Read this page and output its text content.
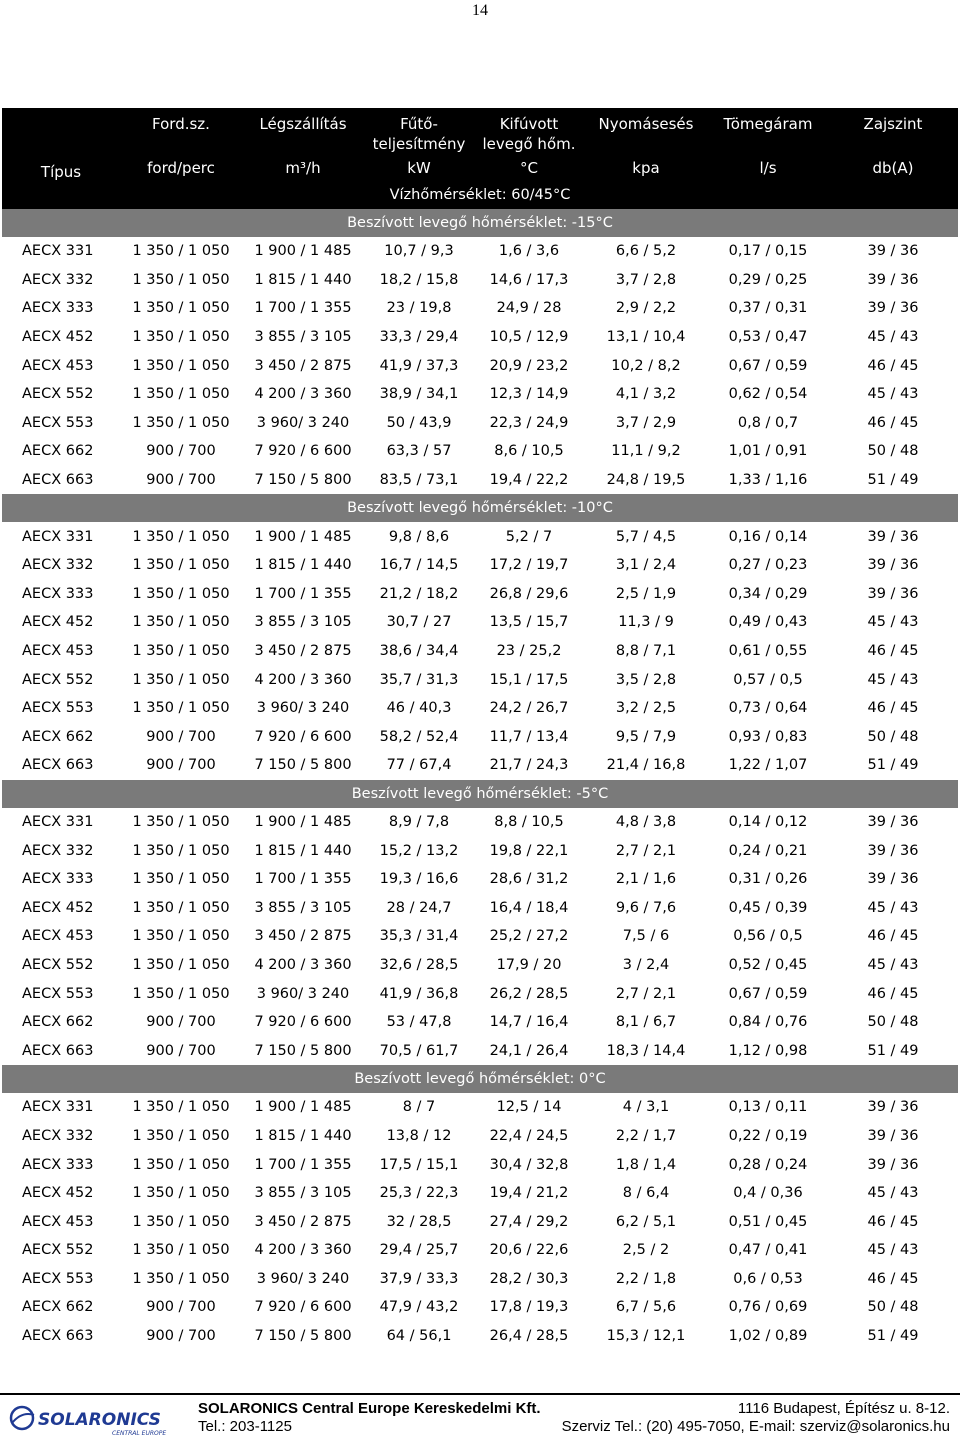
14
Típus	Ford.sz.	Légszállítás	Fűtő-	Kifúvott	Nyomásesés	Tömegáram	Zajszint
			teljesítmény	levegő hőm.			
	ford/perc	m³/h	kW	°C	kpa	l/s	db(A)
Vízhőmérséklet: 60/45°C							
Beszívott levegő hőmérséklet: -15°C							
AECX 331	1 350 / 1 050	1 900 / 1 485	10,7 / 9,3	1,6 / 3,6	6,6 / 5,2	0,17 / 0,15	39 / 36
AECX 332	1 350 / 1 050	1 815 / 1 440	18,2 / 15,8	14,6 / 17,3	3,7 / 2,8	0,29 / 0,25	39 / 36
AECX 333	1 350 / 1 050	1 700 / 1 355	23 / 19,8	24,9 / 28	2,9 / 2,2	0,37 / 0,31	39 / 36
AECX 452	1 350 / 1 050	3 855 / 3 105	33,3 / 29,4	10,5 / 12,9	13,1 / 10,4	0,53 / 0,47	45 / 43
AECX 453	1 350 / 1 050	3 450 / 2 875	41,9 / 37,3	20,9 / 23,2	10,2 / 8,2	0,67 / 0,59	46 / 45
AECX 552	1 350 / 1 050	4 200 / 3 360	38,9 / 34,1	12,3 / 14,9	4,1 / 3,2	0,62 / 0,54	45 / 43
AECX 553	1 350 / 1 050	3 960/ 3 240	50 / 43,9	22,3 / 24,9	3,7 / 2,9	0,8 / 0,7	46 / 45
AECX 662	900 / 700	7 920 / 6 600	63,3 / 57	8,6 / 10,5	11,1 / 9,2	1,01 / 0,91	50 / 48
AECX 663	900 / 700	7 150 / 5 800	83,5 / 73,1	19,4 / 22,2	24,8 / 19,5	1,33 / 1,16	51 / 49
Beszívott levegő hőmérséklet: -10°C							
AECX 331	1 350 / 1 050	1 900 / 1 485	9,8 / 8,6	5,2 / 7	5,7 / 4,5	0,16 / 0,14	39 / 36
AECX 332	1 350 / 1 050	1 815 / 1 440	16,7 / 14,5	17,2 / 19,7	3,1 / 2,4	0,27 / 0,23	39 / 36
AECX 333	1 350 / 1 050	1 700 / 1 355	21,2 / 18,2	26,8 / 29,6	2,5 / 1,9	0,34 / 0,29	39 / 36
AECX 452	1 350 / 1 050	3 855 / 3 105	30,7 / 27	13,5 / 15,7	11,3 / 9	0,49 / 0,43	45 / 43
AECX 453	1 350 / 1 050	3 450 / 2 875	38,6 / 34,4	23 / 25,2	8,8 / 7,1	0,61 / 0,55	46 / 45
AECX 552	1 350 / 1 050	4 200 / 3 360	35,7 / 31,3	15,1 / 17,5	3,5 / 2,8	0,57 / 0,5	45 / 43
AECX 553	1 350 / 1 050	3 960/ 3 240	46 / 40,3	24,2 / 26,7	3,2 / 2,5	0,73 / 0,64	46 / 45
AECX 662	900 / 700	7 920 / 6 600	58,2 / 52,4	11,7 / 13,4	9,5 / 7,9	0,93 / 0,83	50 / 48
AECX 663	900 / 700	7 150 / 5 800	77 / 67,4	21,7 / 24,3	21,4 / 16,8	1,22 / 1,07	51 / 49
Beszívott levegő hőmérséklet: -5°C							
AECX 331	1 350 / 1 050	1 900 / 1 485	8,9 / 7,8	8,8 / 10,5	4,8 / 3,8	0,14 / 0,12	39 / 36
AECX 332	1 350 / 1 050	1 815 / 1 440	15,2 / 13,2	19,8 / 22,1	2,7 / 2,1	0,24 / 0,21	39 / 36
AECX 333	1 350 / 1 050	1 700 / 1 355	19,3 / 16,6	28,6 / 31,2	2,1 / 1,6	0,31 / 0,26	39 / 36
AECX 452	1 350 / 1 050	3 855 / 3 105	28 / 24,7	16,4 / 18,4	9,6 / 7,6	0,45 / 0,39	45 / 43
AECX 453	1 350 / 1 050	3 450 / 2 875	35,3 / 31,4	25,2 / 27,2	7,5 / 6	0,56 / 0,5	46 / 45
AECX 552	1 350 / 1 050	4 200 / 3 360	32,6 / 28,5	17,9 / 20	3 / 2,4	0,52 / 0,45	45 / 43
AECX 553	1 350 / 1 050	3 960/ 3 240	41,9 / 36,8	26,2 / 28,5	2,7 / 2,1	0,67 / 0,59	46 / 45
AECX 662	900 / 700	7 920 / 6 600	53 / 47,8	14,7 / 16,4	8,1 / 6,7	0,84 / 0,76	50 / 48
AECX 663	900 / 700	7 150 / 5 800	70,5 / 61,7	24,1 / 26,4	18,3 / 14,4	1,12 / 0,98	51 / 49
Beszívott levegő hőmérséklet: 0°C							
AECX 331	1 350 / 1 050	1 900 / 1 485	8 / 7	12,5 / 14	4 / 3,1	0,13 / 0,11	39 / 36
AECX 332	1 350 / 1 050	1 815 / 1 440	13,8 / 12	22,4 / 24,5	2,2 / 1,7	0,22 / 0,19	39 / 36
AECX 333	1 350 / 1 050	1 700 / 1 355	17,5 / 15,1	30,4 / 32,8	1,8 / 1,4	0,28 / 0,24	39 / 36
AECX 452	1 350 / 1 050	3 855 / 3 105	25,3 / 22,3	19,4 / 21,2	8 / 6,4	0,4 / 0,36	45 / 43
AECX 453	1 350 / 1 050	3 450 / 2 875	32 / 28,5	27,4 / 29,2	6,2 / 5,1	0,51 / 0,45	46 / 45
AECX 552	1 350 / 1 050	4 200 / 3 360	29,4 / 25,7	20,6 / 22,6	2,5 / 2	0,47 / 0,41	45 / 43
AECX 553	1 350 / 1 050	3 960/ 3 240	37,9 / 33,3	28,2 / 30,3	2,2 / 1,8	0,6 / 0,53	46 / 45
AECX 662	900 / 700	7 920 / 6 600	47,9 / 43,2	17,8 / 19,3	6,7 / 5,6	0,76 / 0,69	50 / 48
AECX 663	900 / 700	7 150 / 5 800	64 / 56,1	26,4 / 28,5	15,3 / 12,1	1,02 / 0,89	51 / 49
SOLARONICS
CENTRAL EUROPE
SOLARONICS Central Europe Kereskedelmi Kft.	1116 Budapest, Építész u. 8-12.
Tel.: 203-1125	Szerviz Tel.: (20) 495-7050, E-mail: szerviz@solaronics.hu
